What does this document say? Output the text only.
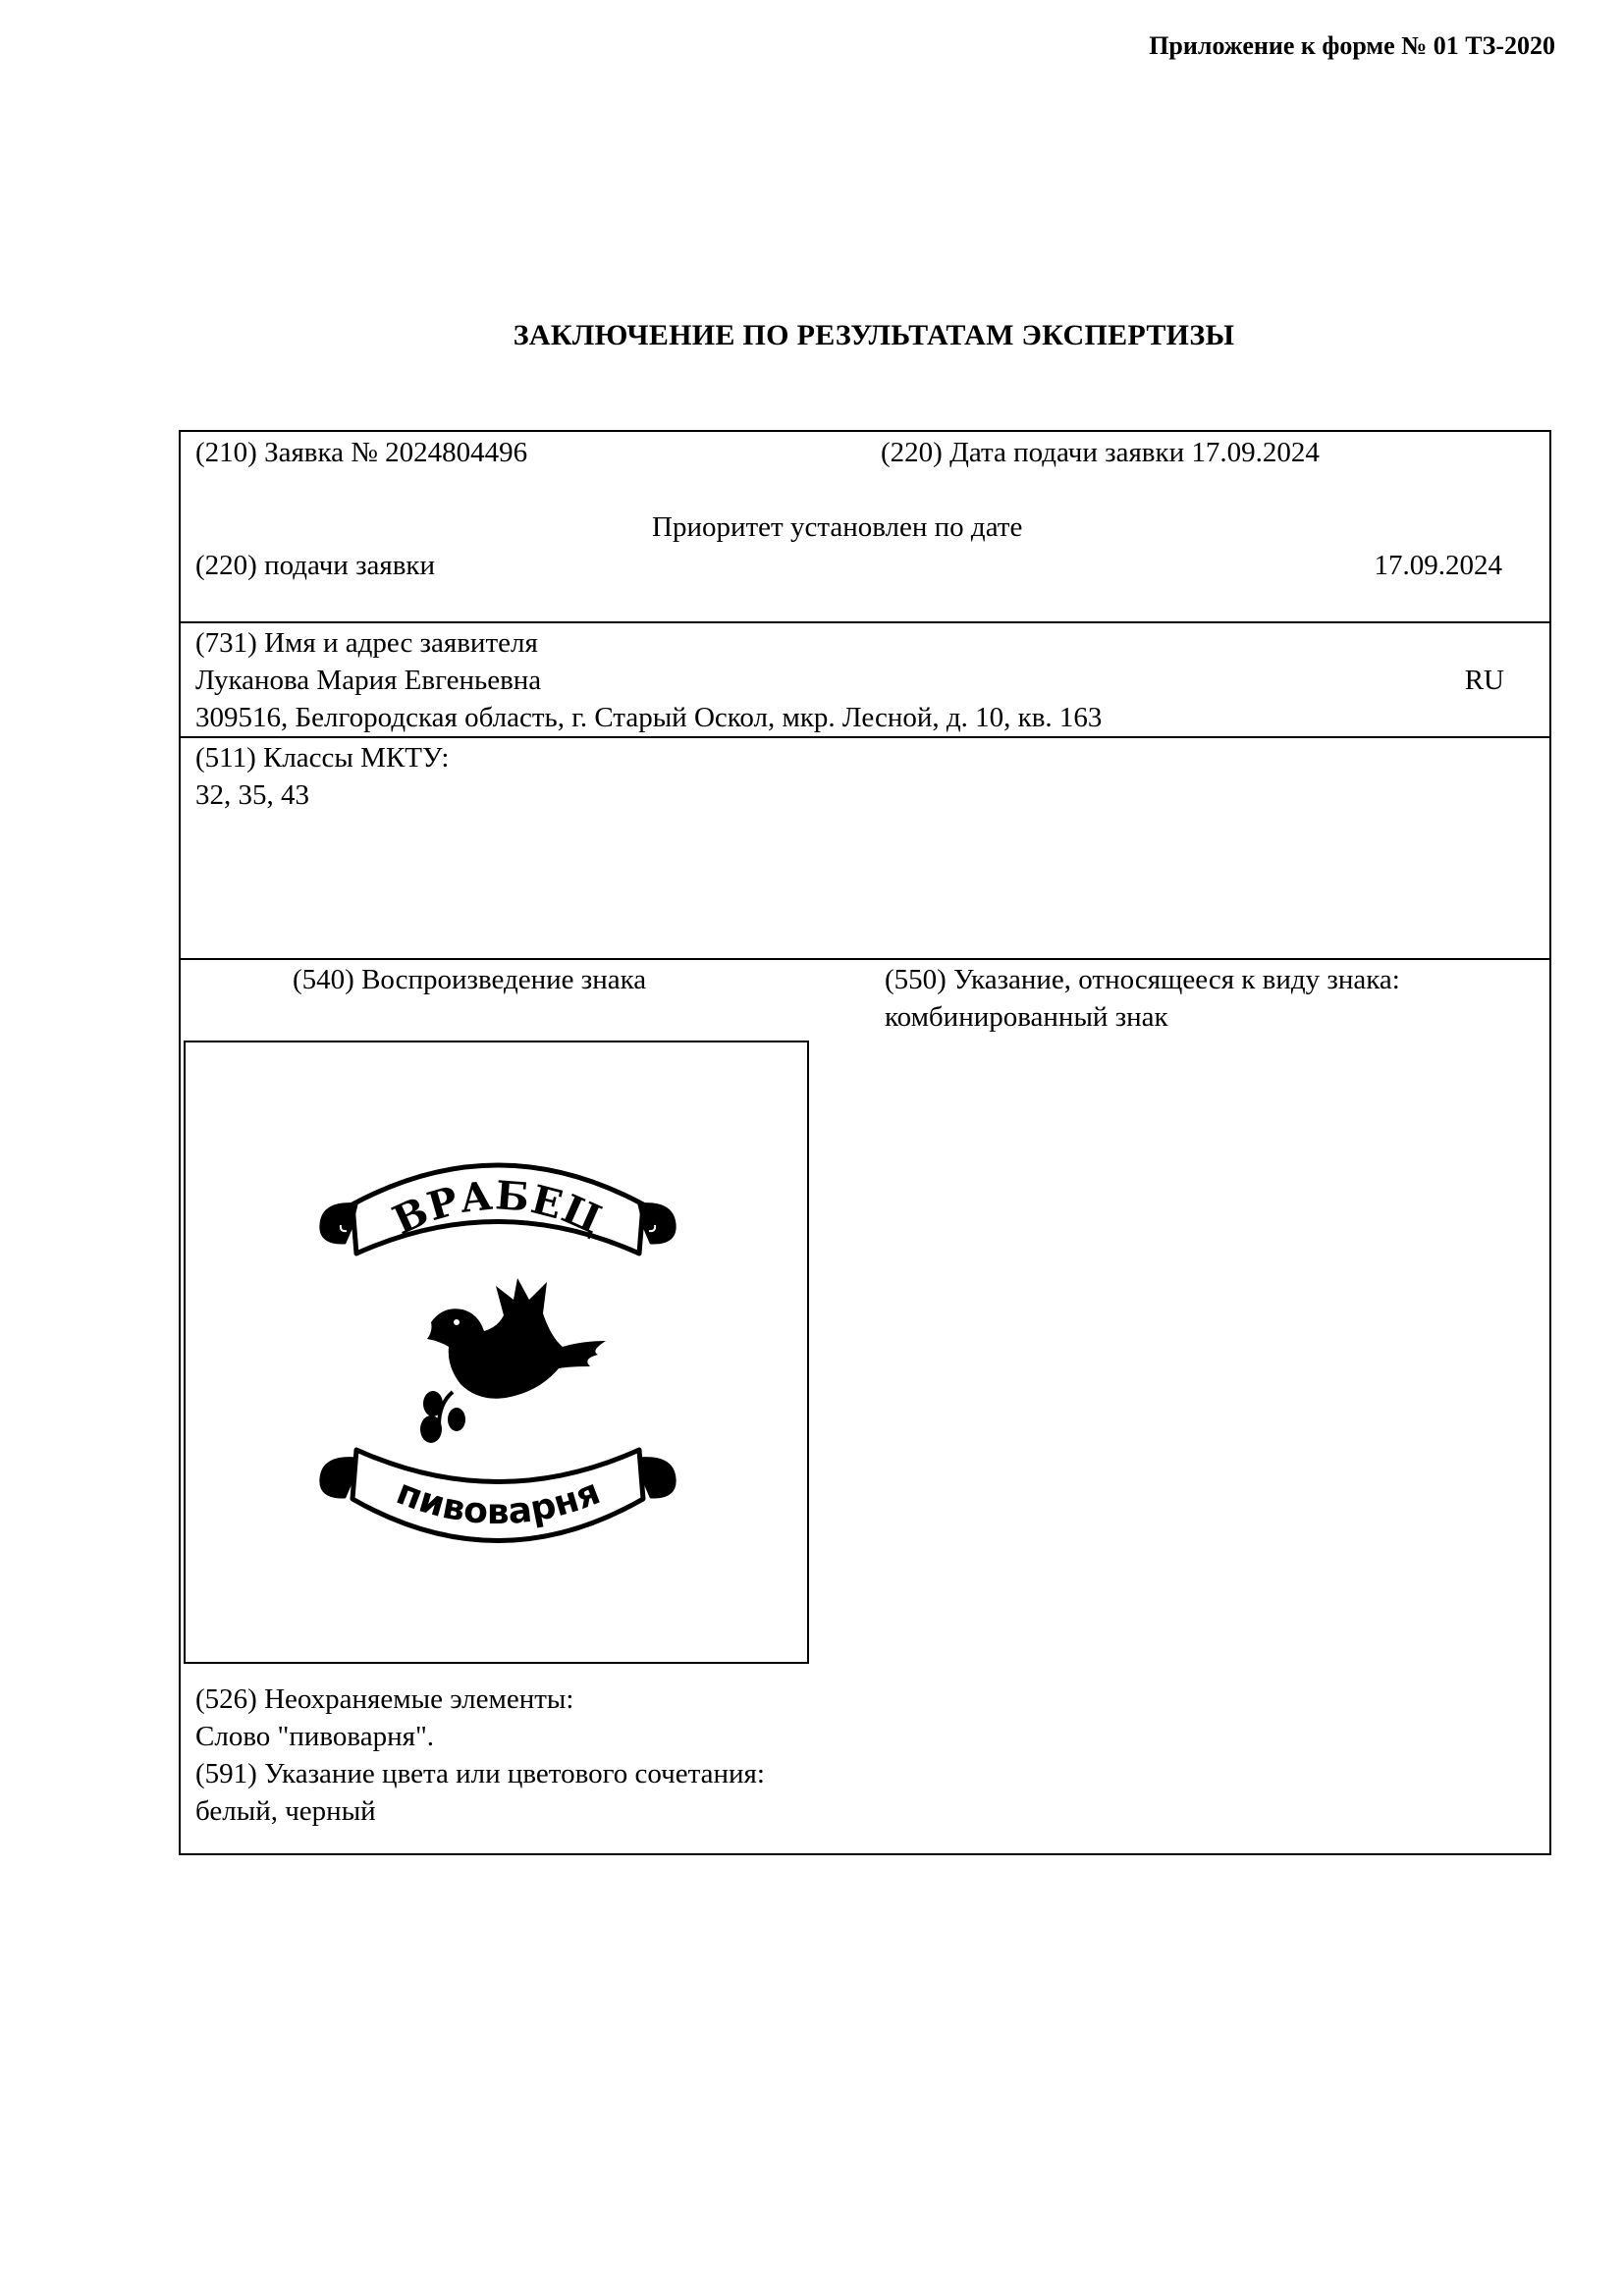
Приложение к форме № 01 ТЗ-2020
ЗАКЛЮЧЕНИЕ ПО РЕЗУЛЬТАТАМ ЭКСПЕРТИЗЫ
(210) Заявка № 2024804496	(220) Дата подачи заявки 17.09.2024
Приоритет установлен по дате
(220) подачи заявки	17.09.2024
(731) Имя и адрес заявителя
Луканова Мария Евгеньевна	RU
309516, Белгородская область, г. Старый Оскол, мкр. Лесной, д. 10, кв. 163
(511) Классы МКТУ:
32, 35, 43
(540) Воспроизведение знака	(550) Указание, относящееся к виду знака:
комбинированный знак
ВРАБЕЦ
пивоварня
(526) Неохраняемые элементы:
Слово "пивоварня".
(591) Указание цвета или цветового сочетания:
белый, черный
